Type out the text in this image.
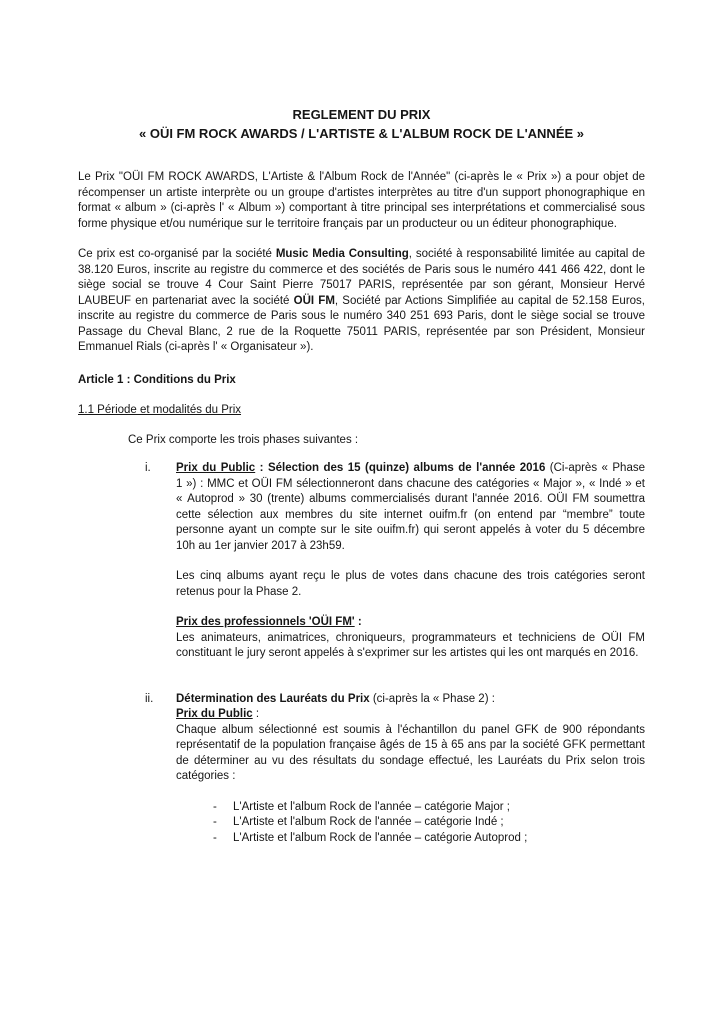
REGLEMENT DU PRIX
« OÜI FM ROCK AWARDS / L'ARTISTE & L'ALBUM ROCK DE L'ANNÉE »

Le Prix "OÜI FM ROCK AWARDS, L'Artiste & l'Album Rock de l'Année" (ci-après le « Prix ») a pour objet de récompenser un artiste interprète ou un groupe d'artistes interprètes au titre d'un support phonographique en format « album » (ci-après l' « Album ») comportant à titre principal ses interprétations et commercialisé sous forme physique et/ou numérique sur le territoire français par un producteur ou un éditeur phonographique.

Ce prix est co-organisé par la société Music Media Consulting, société à responsabilité limitée au capital de 38.120 Euros, inscrite au registre du commerce et des sociétés de Paris sous le numéro 441 466 422, dont le siège social se trouve 4 Cour Saint Pierre 75017 PARIS, représentée par son gérant, Monsieur Hervé LAUBEUF en partenariat avec la société OÜI FM, Société par Actions Simplifiée au capital de 52.158 Euros, inscrite au registre du commerce de Paris sous le numéro 340 251 693 Paris, dont le siège social se trouve Passage du Cheval Blanc, 2 rue de la Roquette 75011 PARIS, représentée par son Président, Monsieur Emmanuel Rials (ci-après l' « Organisateur »).

Article 1 : Conditions du Prix
1.1 Période et modalités du Prix

Ce Prix comporte les trois phases suivantes :

i.	Prix du Public : Sélection des 15 (quinze) albums de l'année 2016 (Ci-après « Phase 1 ») : MMC et OÜI FM sélectionneront dans chacune des catégories « Major », « Indé » et « Autoprod » 30 (trente) albums commercialisés durant l'année 2016. OÜI FM soumettra cette sélection aux membres du site internet ouifm.fr (on entend par “membre” toute personne ayant un compte sur le site ouifm.fr) qui seront appelés à voter du 5 décembre 10h au 1er janvier 2017 à 23h59.

Les cinq albums ayant reçu le plus de votes dans chacune des trois catégories seront retenus pour la Phase 2.

Prix des professionnels 'OÜI FM' :

Les animateurs, animatrices, chroniqueurs, programmateurs et techniciens de OÜI FM constituant le jury seront appelés à s'exprimer sur les artistes qui les ont marqués en 2016.

ii.	Détermination des Lauréats du Prix (ci-après la « Phase 2) :

Prix du Public :

Chaque album sélectionné est soumis à l'échantillon du panel GFK de 900 répondants représentatif de la population française âgés de 15 à 65 ans par la société GFK permettant de déterminer au vu des résultats du sondage effectué, les Lauréats du Prix selon trois catégories :

-	L'Artiste et l'album Rock de l'année – catégorie Major ;
-	L'Artiste et l'album Rock de l'année – catégorie Indé ;
-	L'Artiste et l'album Rock de l'année – catégorie Autoprod ;
